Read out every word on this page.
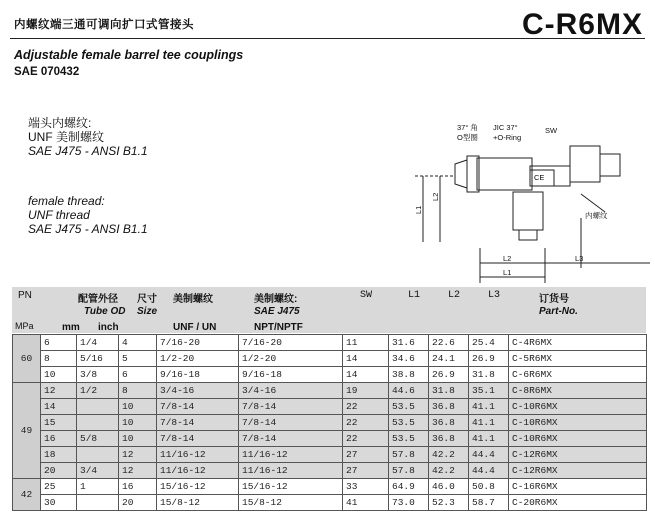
内螺纹端三通可调向扩口式管接头	C-R6MX
Adjustable female barrel tee couplings
SAE 070432
端头内螺纹:
UNF 美制螺纹
SAE J475 - ANSI B1.1
female thread:
UNF thread
SAE J475 - ANSI B1.1
37° 角
O型圈
JIC 37°
+O-Ring
SW
CE
内螺纹
L1
L2
L2
L1
L3
PN
MPa
配管外径
Tube OD
mm inch
尺寸
Size
美制螺纹
UNF / UN
美制螺纹:
SAE J475
NPT/NPTF
SW	L1	L2	L3	订货号
Part-No.
60	6	1/4	4	7/16-20	7/16-20	11	31.6	22.6	25.4	C-4R6MX
	8	5/16	5	1/2-20	1/2-20	14	34.6	24.1	26.9	C-5R6MX
	10	3/8	6	9/16-18	9/16-18	14	38.8	26.9	31.8	C-6R6MX
49	12	1/2	8	3/4-16	3/4-16	19	44.6	31.8	35.1	C-8R6MX
	14		10	7/8-14	7/8-14	22	53.5	36.8	41.1	C-10R6MX
	15		10	7/8-14	7/8-14	22	53.5	36.8	41.1	C-10R6MX
	16	5/8	10	7/8-14	7/8-14	22	53.5	36.8	41.1	C-10R6MX
	18		12	11/16-12	11/16-12	27	57.8	42.2	44.4	C-12R6MX
	20	3/4	12	11/16-12	11/16-12	27	57.8	42.2	44.4	C-12R6MX
42	25	1	16	15/16-12	15/16-12	33	64.9	46.0	50.8	C-16R6MX
	30		20	15/8-12	15/8-12	41	73.0	52.3	58.7	C-20R6MX
